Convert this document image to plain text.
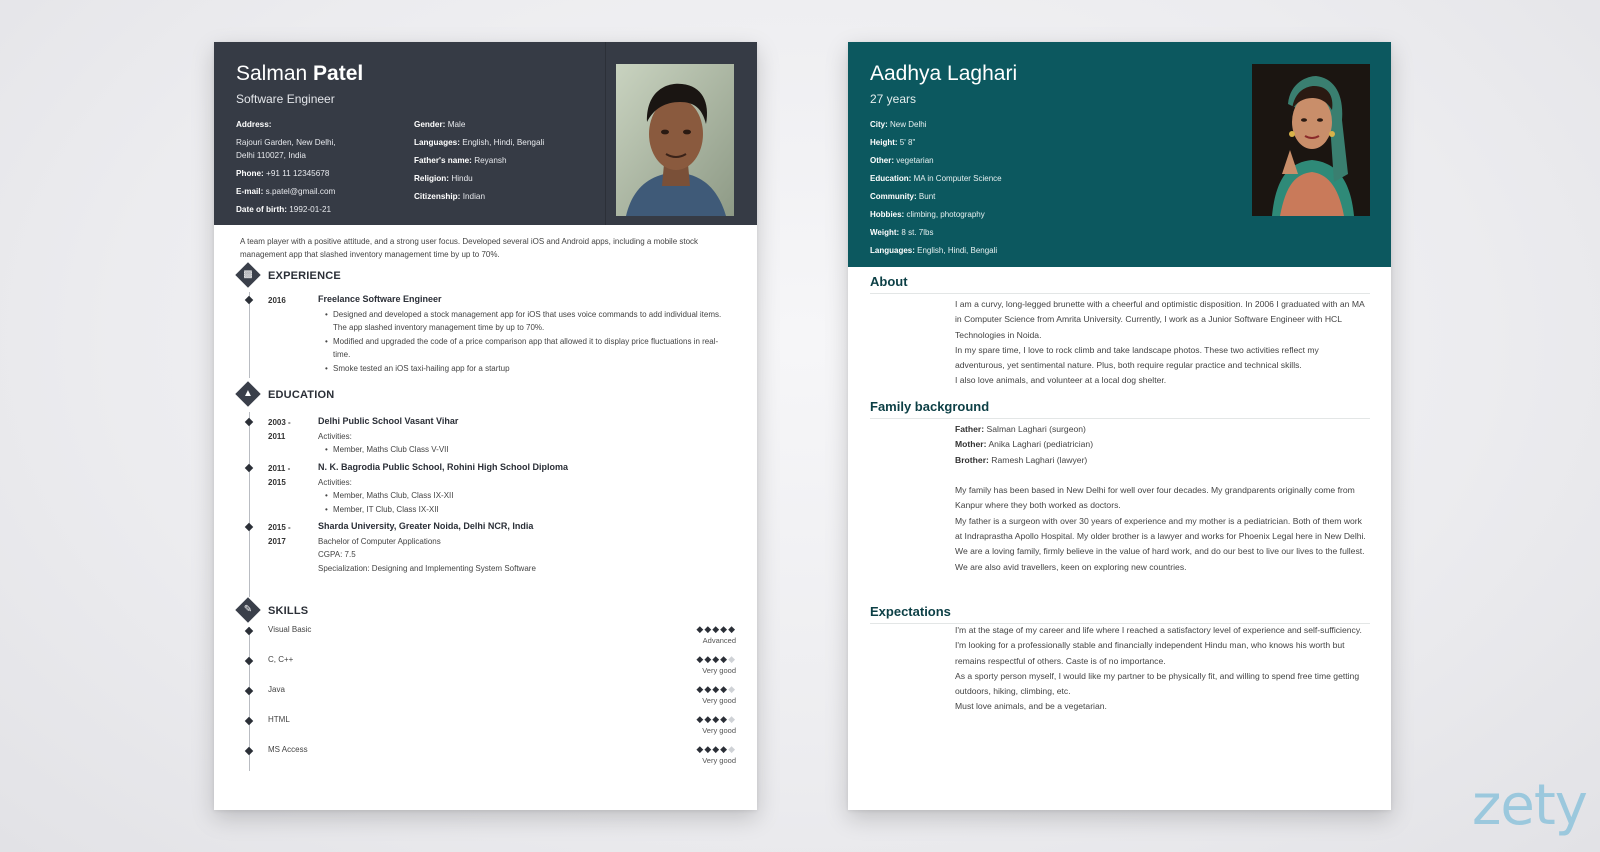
Salman Patel
Software Engineer
Address:
Rajouri Garden, New Delhi,
Delhi 110027, India
Phone: +91 11 12345678
E-mail: s.patel@gmail.com
Date of birth: 1992-01-21
Gender: Male
Languages: English, Hindi, Bengali
Father's name: Reyansh
Religion: Hindu
Citizenship: Indian
A team player with a positive attitude, and a strong user focus. Developed several iOS and Android apps, including a mobile stock management app that slashed inventory management time by up to 70%.
▩	EXPERIENCE
2016	Freelance Software Engineer
• Designed and developed a stock management app for iOS that uses voice commands to add individual items. The app slashed inventory management time by up to 70%.
• Modified and upgraded the code of a price comparison app that allowed it to display price fluctuations in real-time.
• Smoke tested an iOS taxi-hailing app for a startup
▲	EDUCATION
2003 -
2011
Delhi Public School Vasant Vihar
Activities:
• Member, Maths Club Class V-VII
2011 -
2015
N. K. Bagrodia Public School, Rohini High School Diploma
Activities:
• Member, Maths Club, Class IX-XII
• Member, IT Club, Class IX-XII
2015 -
2017
Sharda University, Greater Noida, Delhi NCR, India
Bachelor of Computer Applications
CGPA: 7.5
Specialization: Designing and Implementing System Software
✎	SKILLS
Visual Basic	◆◆◆◆◆
Advanced
C, C++	◆◆◆◆◆
Very good
Java	◆◆◆◆◆
Very good
HTML	◆◆◆◆◆
Very good
MS Access	◆◆◆◆◆
Very good
Aadhya Laghari
27 years
City: New Delhi
Height: 5' 8"
Other: vegetarian
Education: MA in Computer Science
Community: Bunt
Hobbies: climbing, photography
Weight: 8 st. 7lbs
Languages: English, Hindi, Bengali
About

I am a curvy, long-legged brunette with a cheerful and optimistic disposition. In 2006 I graduated with an MA in Computer Science from Amrita University. Currently, I work as a Junior Software Engineer with HCL Technologies in Noida.

In my spare time, I love to rock climb and take landscape photos. These two activities reflect my adventurous, yet sentimental nature. Plus, both require regular practice and technical skills.

I also love animals, and volunteer at a local dog shelter.

Family background

Father: Salman Laghari (surgeon)

Mother: Anika Laghari (pediatrician)

Brother: Ramesh Laghari (lawyer)

My family has been based in New Delhi for well over four decades. My grandparents originally come from Kanpur where they both worked as doctors.

My father is a surgeon with over 30 years of experience and my mother is a pediatrician. Both of them work at Indraprastha Apollo Hospital. My older brother is a lawyer and works for Phoenix Legal here in New Delhi.

We are a loving family, firmly believe in the value of hard work, and do our best to live our lives to the fullest. We are also avid travellers, keen on exploring new countries.

Expectations

I'm at the stage of my career and life where I reached a satisfactory level of experience and self-sufficiency.

I'm looking for a professionally stable and financially independent Hindu man, who knows his worth but remains respectful of others. Caste is of no importance.

As a sporty person myself, I would like my partner to be physically fit, and willing to spend free time getting outdoors, hiking, climbing, etc.

Must love animals, and be a vegetarian.

zety
